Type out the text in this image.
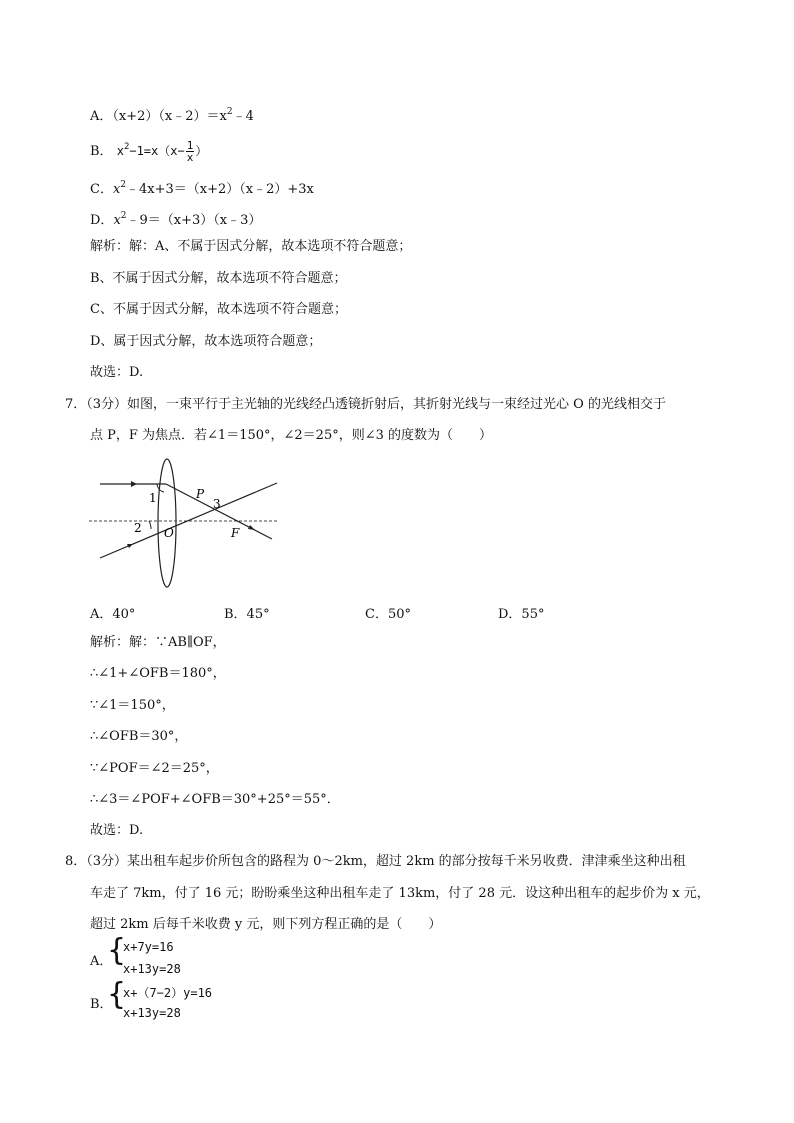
A．$(x+2)(x﹣2)=x^2﹣4$
B． $x^2-1=x(x- \frac{1}{x}$ ）
C．$x^2﹣4x+3=(x+2)(x﹣2)+3x$
D．$x^2﹣9=(x+3)(x﹣3)$
解析：解：A、不属于因式分解，故本选项不符合题意；
B、不属于因式分解，故本选项不符合题意；
C、不属于因式分解，故本选项不符合题意；
D、属于因式分解，故本选项符合题意；
故选：D.
7．（3分）如图，一束平行于主光轴的光线经凸透镜折射后，其折射光线与一束经过光心 O 的光线相交于
点 P，F 为焦点．若∠1＝150°，∠2＝25°，则∠3 的度数为（　　）
1	P
3
2 O	F
A．40°	B．45°	C．50°	D．55°
解析：解：∵AB∥OF，
∴∠1+∠OFB＝180°，
∵∠1＝150°，
∴∠OFB＝30°，
∵∠POF＝∠2＝25°，
∴∠3＝∠POF+∠OFB＝30°+25°＝55°．
故选：D.
8．（3分）某出租车起步价所包含的路程为 0～2km，超过 2km 的部分按每千米另收费．津津乘坐这种出租
车走了 7km，付了 16 元；盼盼乘坐这种出租车走了 13km，付了 28 元．设这种出租车的起步价为 x 元，
超过 2km 后每千米收费 y 元，则下列方程正确的是（　　）
A．
{
x+7y=16
x+13y=28
B．
{
x+（7−2）y=16
x+13y=28
